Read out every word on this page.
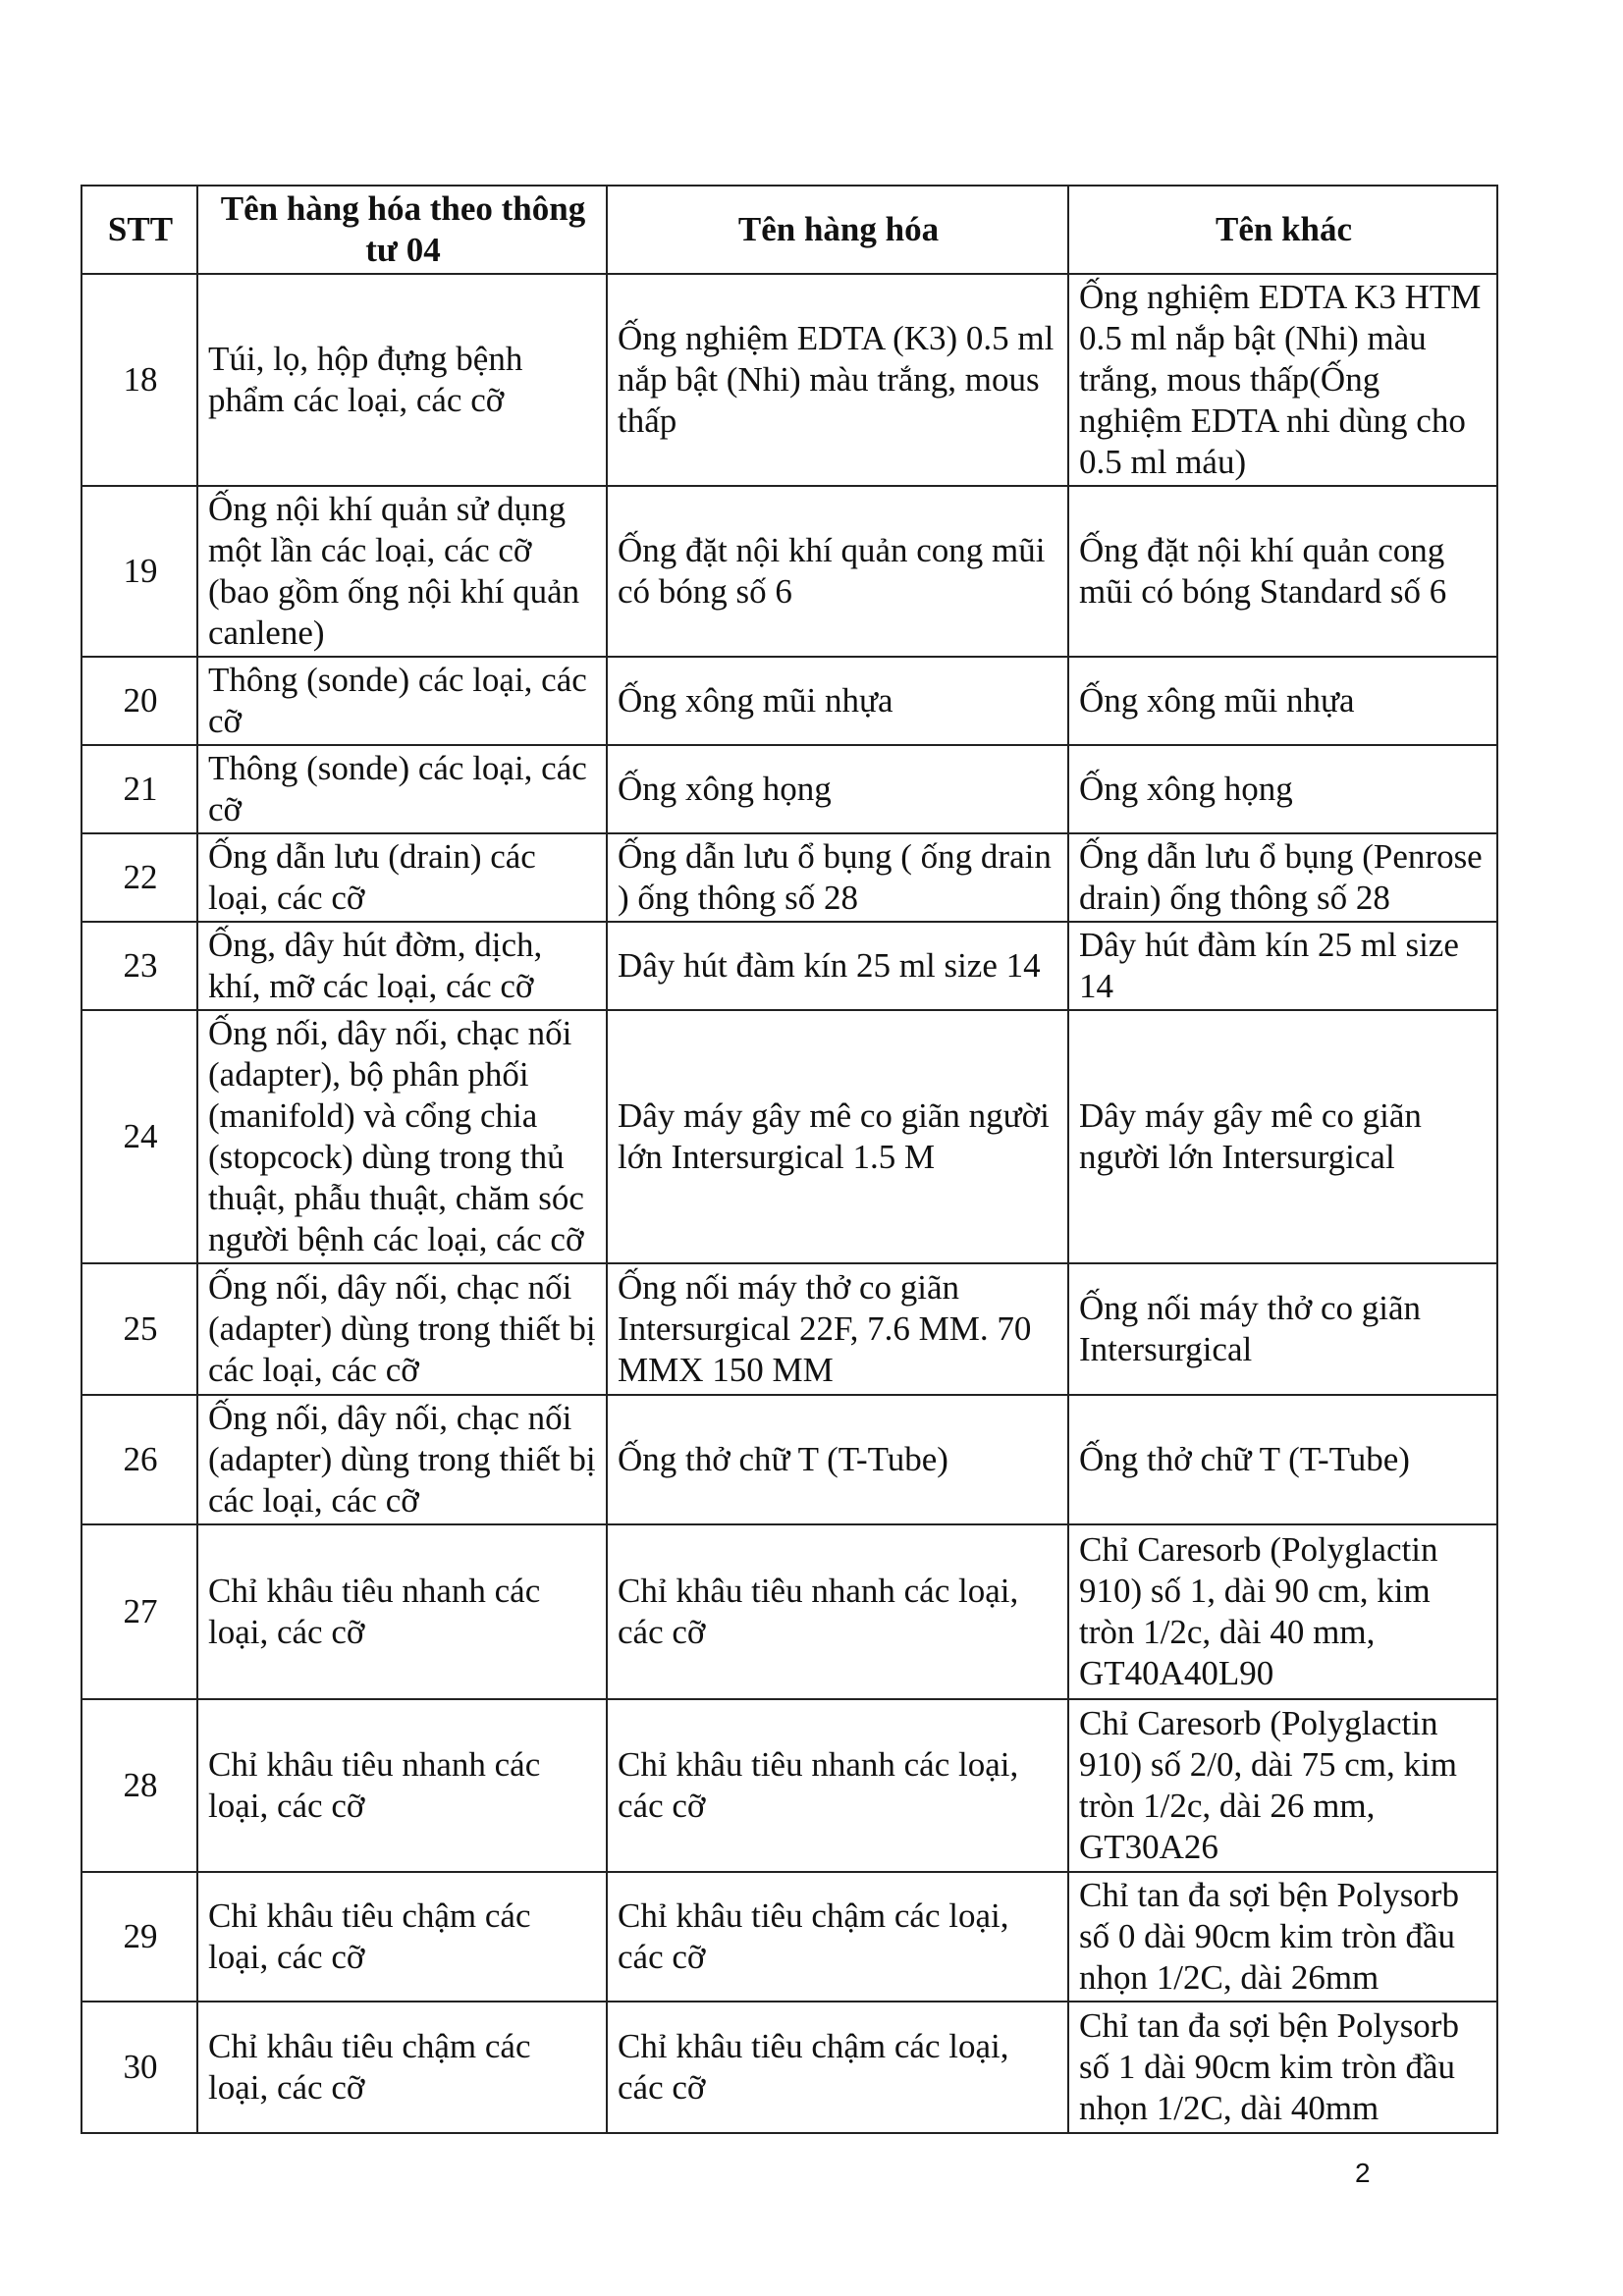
STT	Tên hàng hóa theo thông tư 04	Tên hàng hóa	Tên khác
18	Túi, lọ, hộp đựng bệnh phẩm các loại, các cỡ	Ống nghiệm EDTA (K3) 0.5 ml nắp bật (Nhi) màu trắng, mous thấp	Ống nghiệm EDTA K3 HTM 0.5 ml nắp bật (Nhi) màu trắng, mous thấp(Ống nghiệm EDTA nhi dùng cho 0.5 ml máu)
19	Ống nội khí quản sử dụng một lần các loại, các cỡ (bao gồm ống nội khí quản canlene)	Ống đặt nội khí quản cong mũi có bóng số 6	Ống đặt nội khí quản cong mũi có bóng Standard số 6
20	Thông (sonde) các loại, các cỡ	Ống xông mũi nhựa	Ống xông mũi nhựa
21	Thông (sonde) các loại, các cỡ	Ống xông họng	Ống xông họng
22	Ống dẫn lưu (drain) các loại, các cỡ	Ống dẫn lưu ổ bụng ( ống drain ) ống thông số 28	Ống dẫn lưu ổ bụng (Penrose drain) ống thông số 28
23	Ống, dây hút đờm, dịch, khí, mỡ các loại, các cỡ	Dây hút đàm kín 25 ml size 14	Dây hút đàm kín 25 ml size 14
24	Ống nối, dây nối, chạc nối (adapter), bộ phân phối (manifold) và cổng chia (stopcock) dùng trong thủ thuật, phẫu thuật, chăm sóc người bệnh các loại, các cỡ	Dây máy gây mê co giãn người lớn Intersurgical 1.5 M	Dây máy gây mê co giãn người lớn Intersurgical
25	Ống nối, dây nối, chạc nối (adapter) dùng trong thiết bị các loại, các cỡ	Ống nối máy thở co giãn Intersurgical 22F, 7.6 MM. 70 MMX 150 MM	Ống nối máy thở co giãn Intersurgical
26	Ống nối, dây nối, chạc nối (adapter) dùng trong thiết bị các loại, các cỡ	Ống thở chữ T (T-Tube)	Ống thở chữ T (T-Tube)
27	Chỉ khâu tiêu nhanh các loại, các cỡ	Chỉ khâu tiêu nhanh các loại, các cỡ	Chỉ Caresorb (Polyglactin 910) số 1, dài 90 cm, kim tròn 1/2c, dài 40 mm, GT40A40L90
28	Chỉ khâu tiêu nhanh các loại, các cỡ	Chỉ khâu tiêu nhanh các loại, các cỡ	Chỉ Caresorb (Polyglactin 910) số 2/0, dài 75 cm, kim tròn 1/2c, dài 26 mm, GT30A26
29	Chỉ khâu tiêu chậm các loại, các cỡ	Chỉ khâu tiêu chậm các loại, các cỡ	Chỉ tan đa sợi bện Polysorb số 0 dài 90cm kim tròn đầu nhọn 1/2C, dài 26mm
30	Chỉ khâu tiêu chậm các loại, các cỡ	Chỉ khâu tiêu chậm các loại, các cỡ	Chỉ tan đa sợi bện Polysorb số 1 dài 90cm kim tròn đầu nhọn 1/2C, dài 40mm
2
